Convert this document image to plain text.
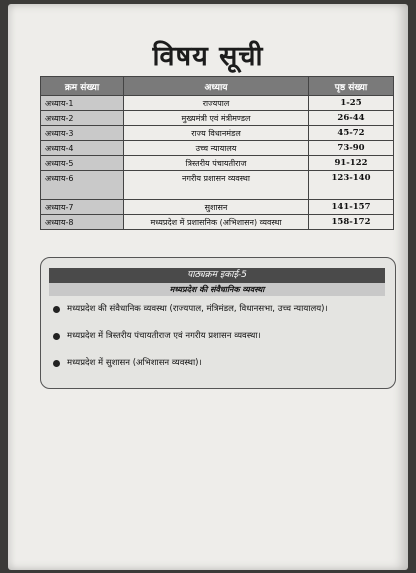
विषय सूची
क्रम संख्या	अध्याय	पृष्ठ संख्या
अध्याय-1	राज्यपाल	1-25
अध्याय-2	मुख्यमंत्री एवं मंत्रीमण्डल	26-44
अध्याय-3	राज्य विधानमंडल	45-72
अध्याय-4	उच्च न्यायालय	73-90
अध्याय-5	त्रिस्तरीय पंचायतीराज	91-122
अध्याय-6	नगरीय प्रशासन व्यवस्था	123-140
अध्याय-7	सुशासन	141-157
अध्याय-8	मध्यप्रदेश में प्रशासनिक (अभिशासन) व्यवस्था	158-172
पाठ्यक्रम इकाई-5
मध्यप्रदेश की संवैधानिक व्यवस्था
मध्यप्रदेश की संवैधानिक व्यवस्था (राज्यपाल, मंत्रिमंडल, विधानसभा, उच्च न्यायालय)।
मध्यप्रदेश में त्रिस्तरीय पंचायतीराज एवं नगरीय प्रशासन व्यवस्था।
मध्यप्रदेश में सुशासन (अभिशासन व्यवस्था)।
